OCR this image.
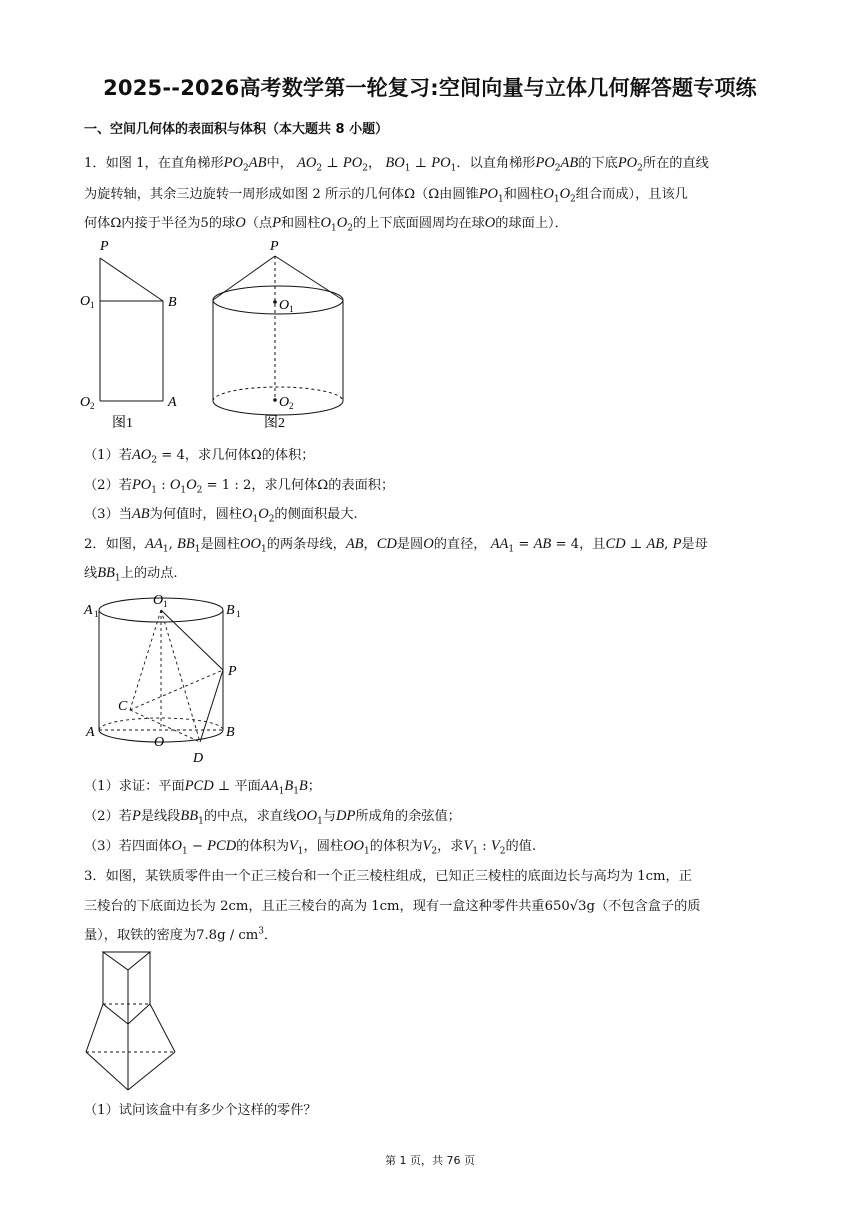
2025--2026高考数学第一轮复习:空间向量与立体几何解答题专项练
一、空间几何体的表面积与体积（本大题共 8 小题）
1．如图 1，在直角梯形$PO_2AB$中， $AO_2$ ⊥ $PO_2$， $BO_1$ ⊥ $PO_1$．以直角梯形$PO_2AB$的下底$PO_2$所在的直线
为旋转轴，其余三边旋转一周形成如图 2 所示的几何体Ω（Ω由圆锥$PO_1$和圆柱$O_1O_2$组合而成），且该几
何体Ω内接于半径为5的球O（点P和圆柱$O_1O_2$的上下底面圆周均在球O的球面上）．
P
O 1	B
O 2	A
图1
P
O 1
O 2
图2
（1）若$AO_2 = 4$，求几何体Ω的体积；
（2）若$PO_1$ : $O_1O_2 = 1$ : 2，求几何体Ω的表面积；
（3）当AB为何值时，圆柱$O_1O_2$的侧面积最大.
2．如图，$AA_1$, $BB_1$是圆柱$OO_1$的两条母线，AB，CD是圆O的直径， $AA_1$ = AB = 4，且CD ⊥ AB, P是母
线$BB_1$上的动点.
A 1
O 1	B 1
P
C
A
O
B
D
（1）求证：平面PCD ⊥ 平面$AA_1B_1B$；
（2）若P是线段$BB_1$的中点，求直线$OO_1$与DP所成角的余弦值；
（3）若四面体$O_1$ − PCD的体积为$V_1$，圆柱$OO_1$的体积为$V_2$，求$V_1$ : $V_2$的值.
3．如图，某铁质零件由一个正三棱台和一个正三棱柱组成，已知正三棱柱的底面边长与高均为 1cm，正
三棱台的下底面边长为 2cm，且正三棱台的高为 1cm，现有一盒这种零件共重650√3g（不包含盒子的质
量），取铁的密度为$7.8g / cm^3$．
（1）试问该盒中有多少个这样的零件？
第 1 页，共 76 页
